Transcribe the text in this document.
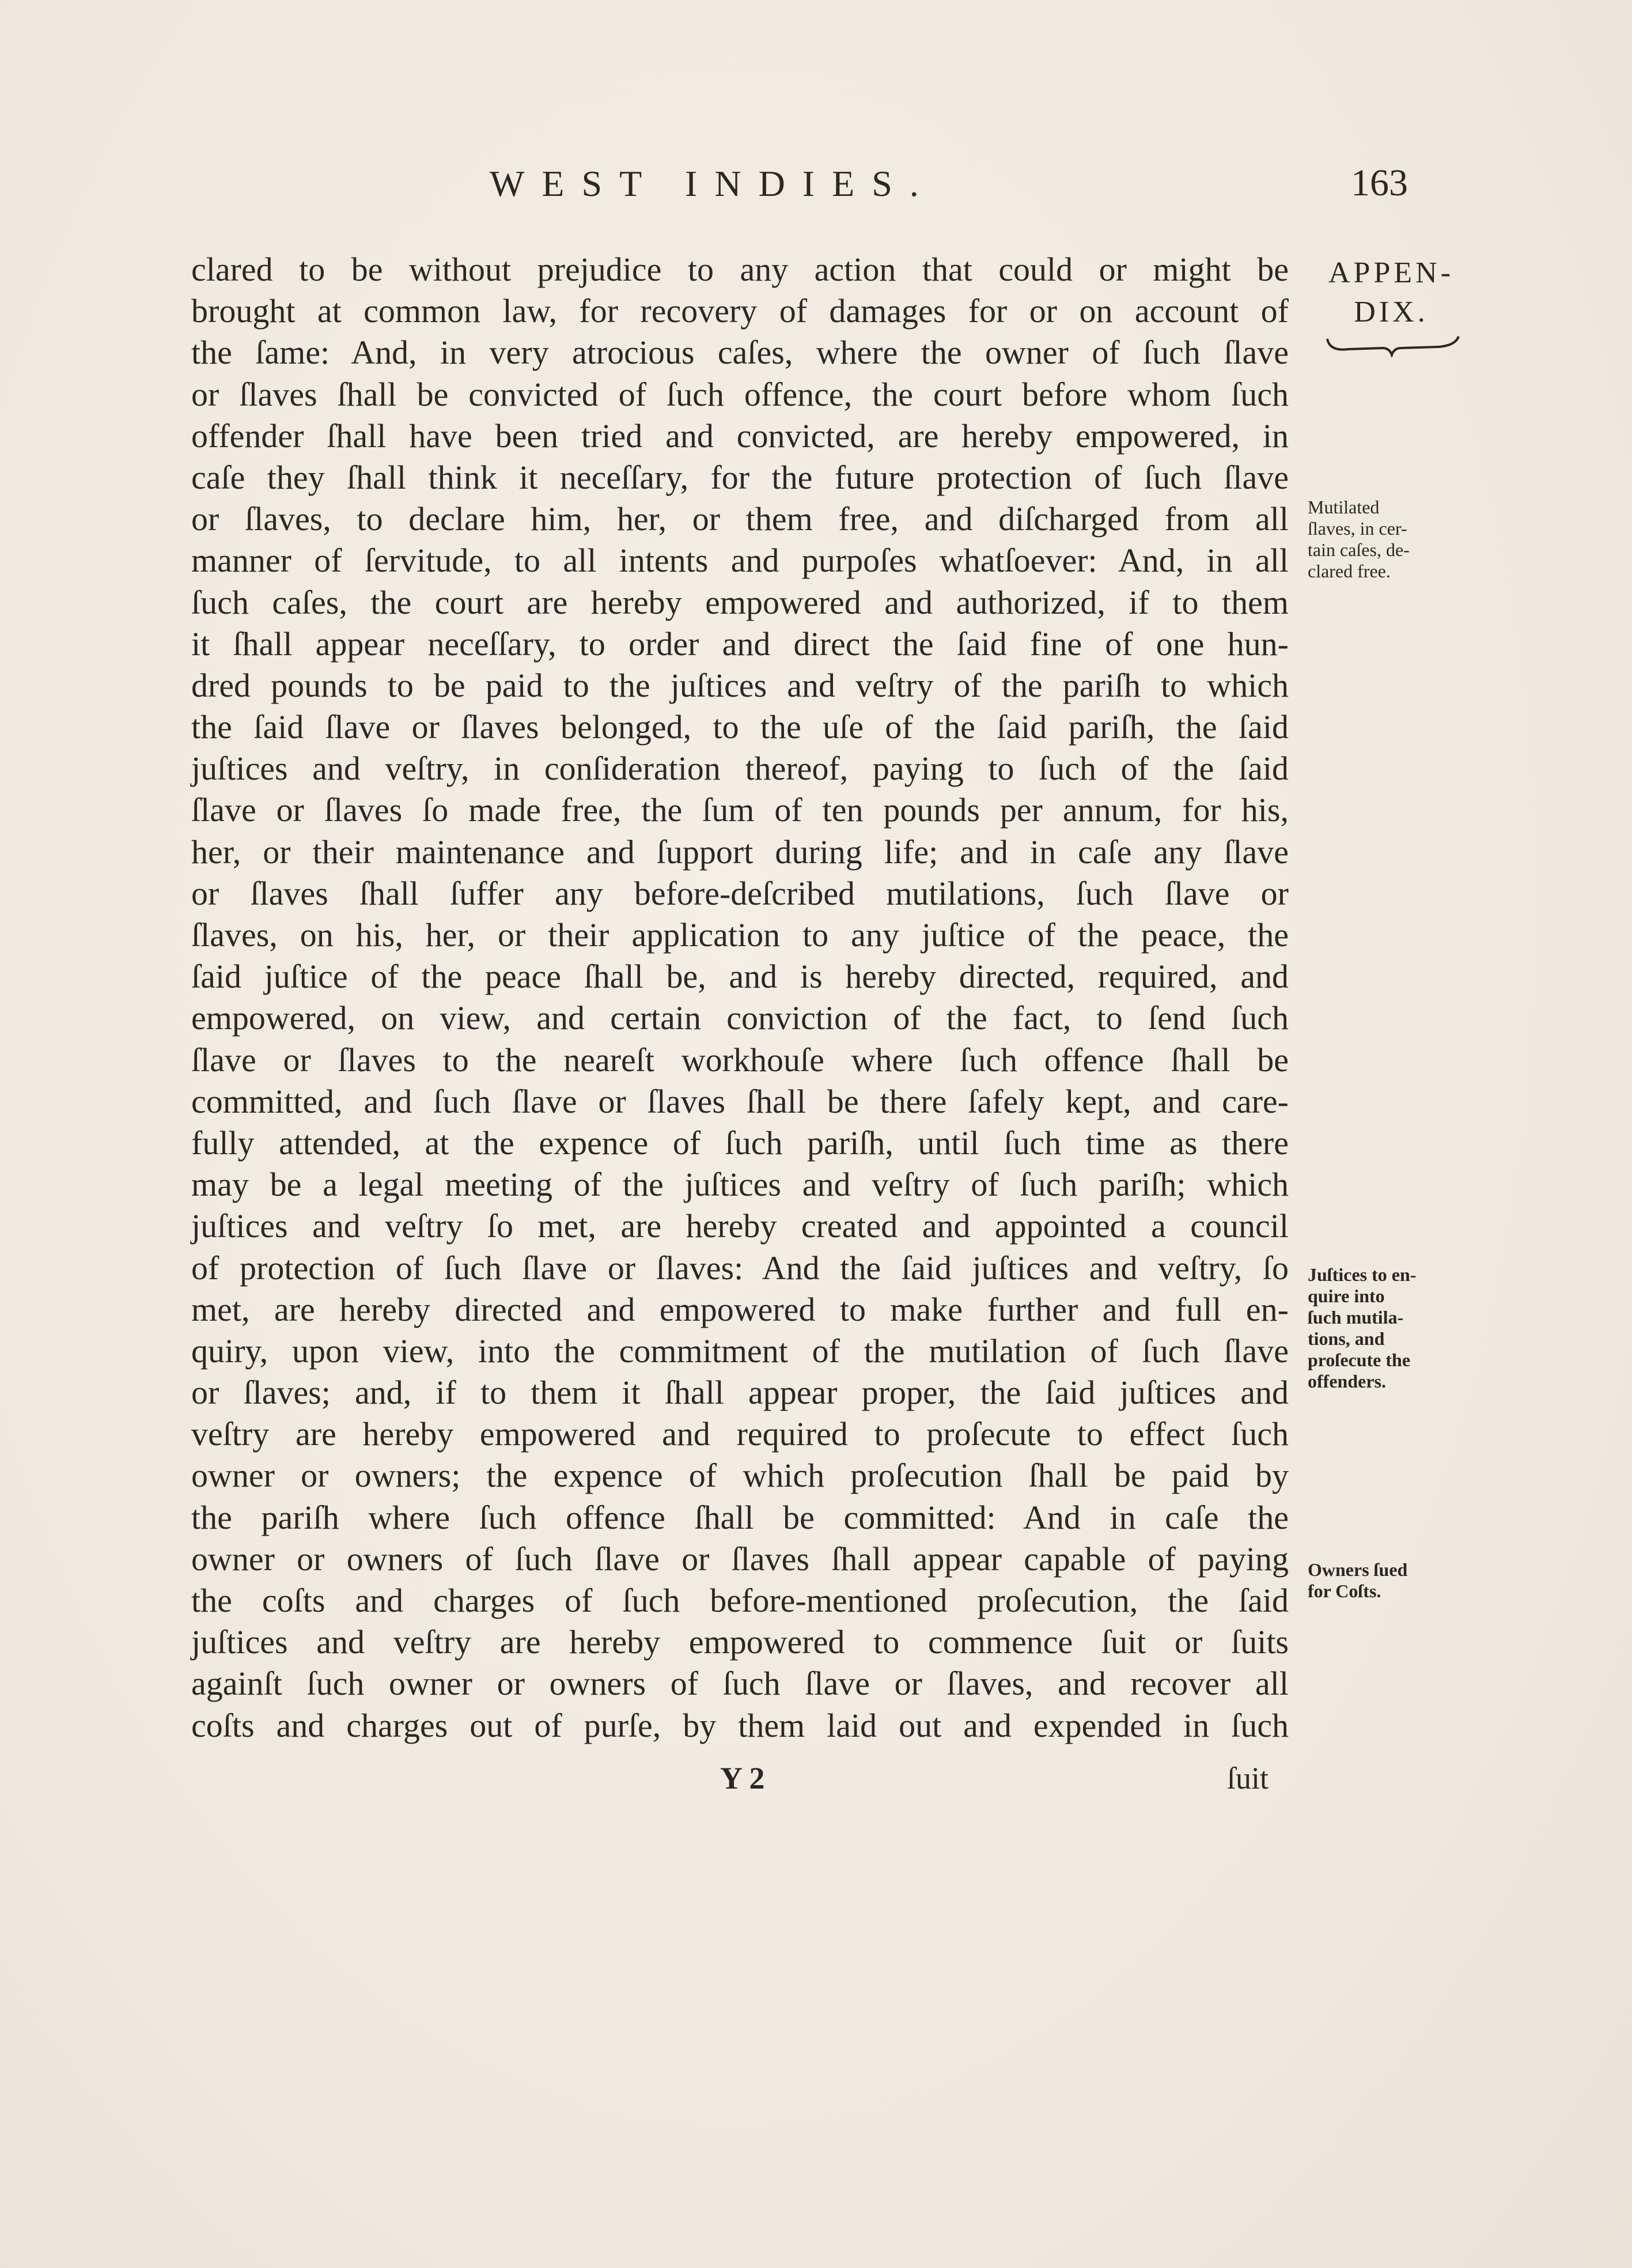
WEST INDIES.	163
APPEN-
DIX.
Mutilated
ſlaves, in cer-
tain caſes, de-
clared free.
Juſtices to en-
quire into
ſuch mutila-
tions, and
proſecute the
offenders.
Owners ſued
for Coſts.
clared to be without prejudice to any action that could or might be
brought at common law, for recovery of damages for or on account of
the ſame: And, in very atrocious caſes, where the owner of ſuch ſlave
or ſlaves ſhall be convicted of ſuch offence, the court before whom ſuch
offender ſhall have been tried and convicted, are hereby empowered, in
caſe they ſhall think it neceſſary, for the future protection of ſuch ſlave
or ſlaves, to declare him, her, or them free, and diſcharged from all
manner of ſervitude, to all intents and purpoſes whatſoever: And, in all
ſuch caſes, the court are hereby empowered and authorized, if to them
it ſhall appear neceſſary, to order and direct the ſaid fine of one hun-
dred pounds to be paid to the juſtices and veſtry of the pariſh to which
the ſaid ſlave or ſlaves belonged, to the uſe of the ſaid pariſh, the ſaid
juſtices and veſtry, in conſideration thereof, paying to ſuch of the ſaid
ſlave or ſlaves ſo made free, the ſum of ten pounds per annum, for his,
her, or their maintenance and ſupport during life; and in caſe any ſlave
or ſlaves ſhall ſuffer any before-deſcribed mutilations, ſuch ſlave or
ſlaves, on his, her, or their application to any juſtice of the peace, the
ſaid juſtice of the peace ſhall be, and is hereby directed, required, and
empowered, on view, and certain conviction of the fact, to ſend ſuch
ſlave or ſlaves to the neareſt workhouſe where ſuch offence ſhall be
committed, and ſuch ſlave or ſlaves ſhall be there ſafely kept, and care-
fully attended, at the expence of ſuch pariſh, until ſuch time as there
may be a legal meeting of the juſtices and veſtry of ſuch pariſh; which
juſtices and veſtry ſo met, are hereby created and appointed a council
of protection of ſuch ſlave or ſlaves: And the ſaid juſtices and veſtry, ſo
met, are hereby directed and empowered to make further and full en-
quiry, upon view, into the commitment of the mutilation of ſuch ſlave
or ſlaves; and, if to them it ſhall appear proper, the ſaid juſtices and
veſtry are hereby empowered and required to proſecute to effect ſuch
owner or owners; the expence of which proſecution ſhall be paid by
the pariſh where ſuch offence ſhall be committed: And in caſe the
owner or owners of ſuch ſlave or ſlaves ſhall appear capable of paying
the coſts and charges of ſuch before-mentioned proſecution, the ſaid
juſtices and veſtry are hereby empowered to commence ſuit or ſuits
againſt ſuch owner or owners of ſuch ſlave or ſlaves, and recover all
coſts and charges out of purſe, by them laid out and expended in ſuch
Y 2	ſuit
